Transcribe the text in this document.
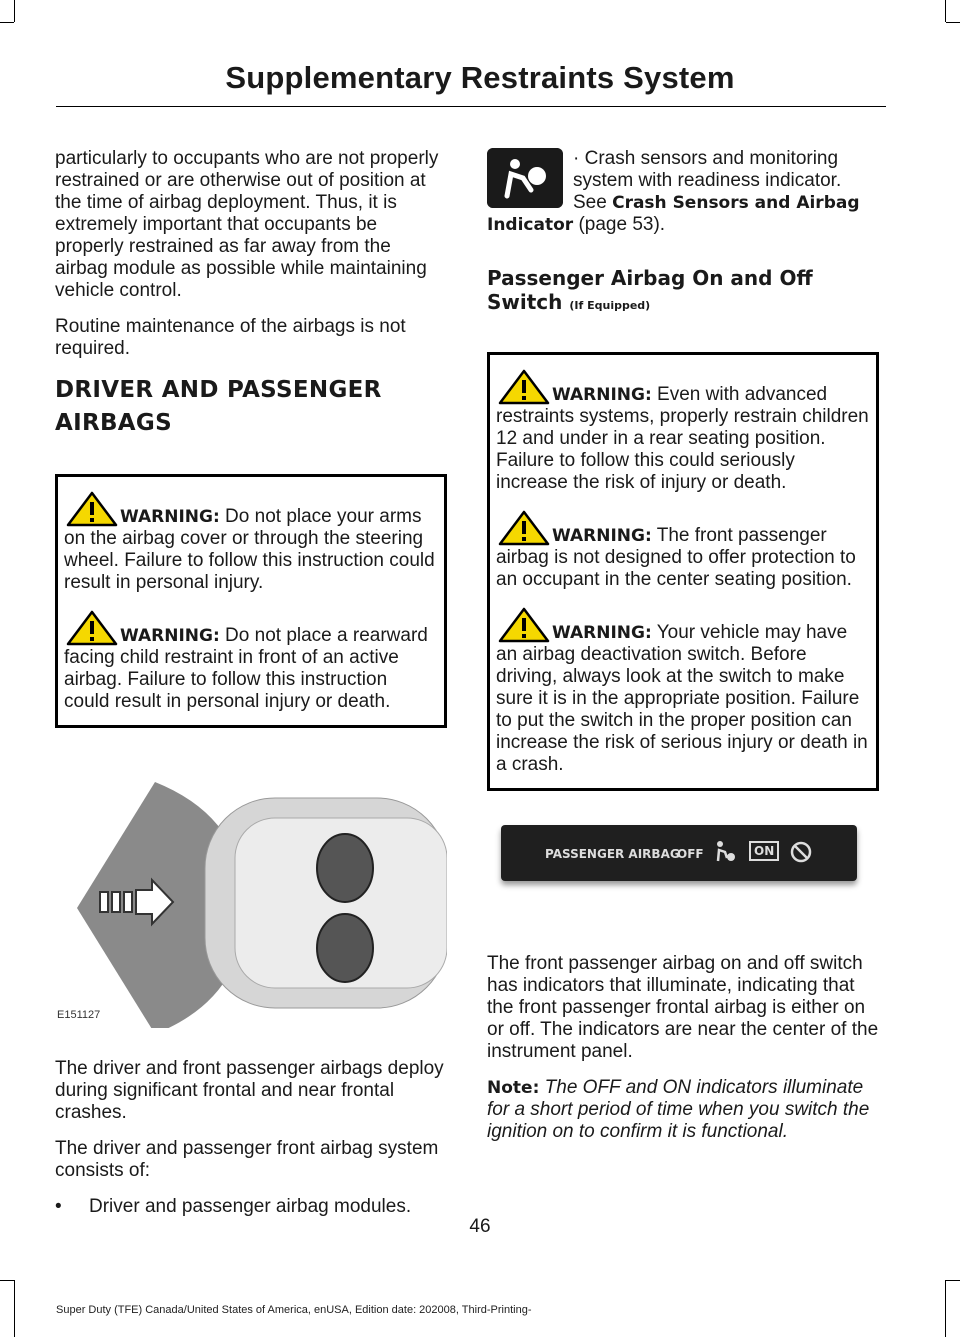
Supplementary Restraints System

particularly to occupants who are not properly restrained or are otherwise out of position at the time of airbag deployment. Thus, it is extremely important that occupants be properly restrained as far away from the airbag module as possible while maintaining vehicle control.

Routine maintenance of the airbags is not required.

DRIVER AND PASSENGER
AIRBAGS

WARNING: Do not place your arms on the airbag cover or through the steering wheel. Failure to follow this instruction could result in personal injury.

WARNING: Do not place a rearward facing child restraint in front of an active airbag. Failure to follow this instruction could result in personal injury or death.

E151127

The driver and front passenger airbags deploy during significant frontal and near frontal crashes.

The driver and passenger front airbag system consists of:

•	Driver and passenger airbag modules.

· Crash sensors and monitoring system with readiness indicator. See Crash Sensors and Airbag Indicator (page 53).

Passenger Airbag On and Off Switch (If Equipped)

WARNING: Even with advanced restraints systems, properly restrain children 12 and under in a rear seating position. Failure to follow this could seriously increase the risk of injury or death.

WARNING: The front passenger airbag is not designed to offer protection to an occupant in the center seating position.

WARNING: Your vehicle may have an airbag deactivation switch. Before driving, always look at the switch to make sure it is in the appropriate position. Failure to put the switch in the proper position can increase the risk of serious injury or death in a crash.

PASSENGER AIRBAG
OFF	ON

The front passenger airbag on and off switch has indicators that illuminate, indicating that the front passenger frontal airbag is either on or off. The indicators are near the center of the instrument panel.

Note: The OFF and ON indicators illuminate for a short period of time when you switch the ignition on to confirm it is functional.

46
Super Duty (TFE) Canada/United States of America, enUSA, Edition date: 202008, Third-Printing-
